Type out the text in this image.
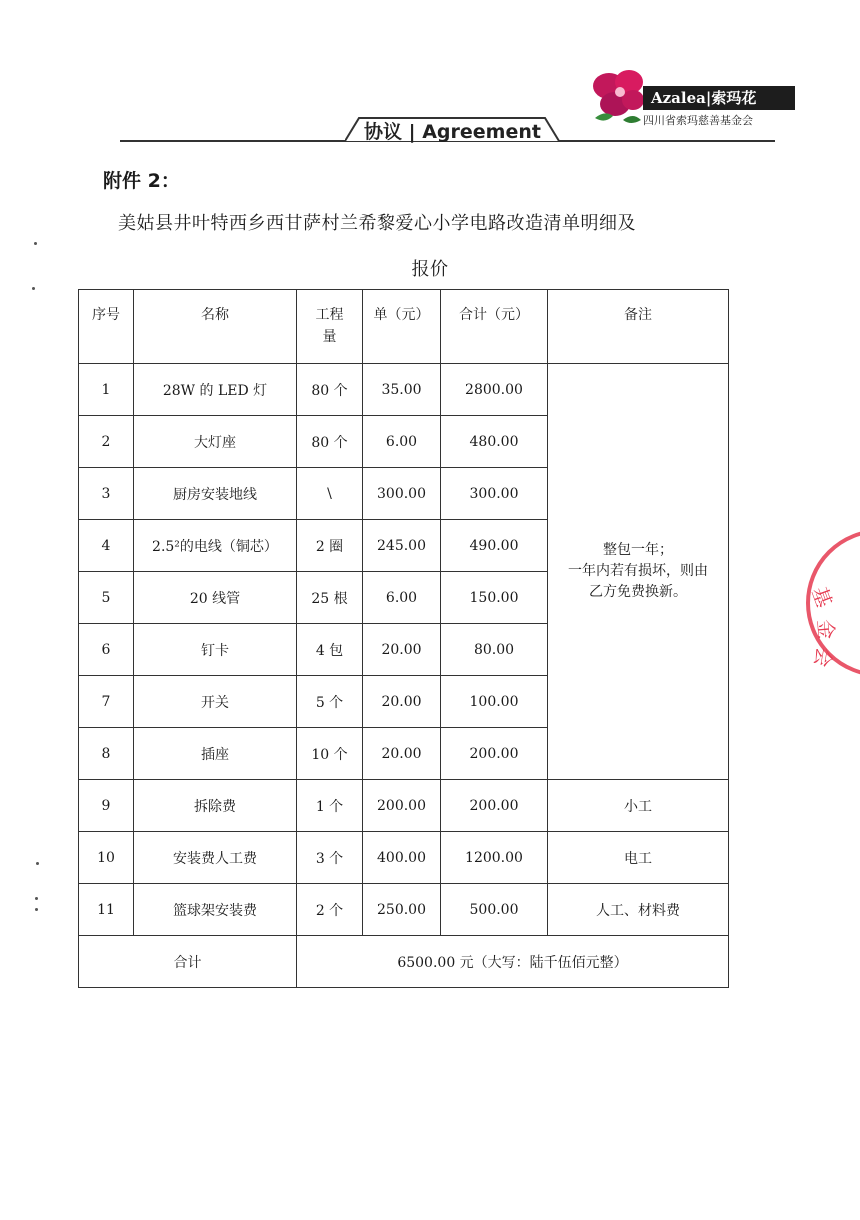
Azalea|索玛花
四川省索玛慈善基金会
协议 | Agreement
附件 2：
美姑县井叶特西乡西甘萨村兰希黎爱心小学电路改造清单明细及
报价
序号	名称	工程量	单（元）	合计（元）	备注
1	28W 的 LED 灯	80 个	35.00	2800.00	整包一年；
一年内若有损坏，则由
乙方免费换新。

2	大灯座	80 个	6.00	480.00	
3	厨房安装地线	\	300.00	300.00	
4	2.5²的电线（铜芯）	2 圈	245.00	490.00	
5	20 线管	25 根	6.00	150.00	
6	钉卡	4 包	20.00	80.00	
7	开关	5 个	20.00	100.00	
8	插座	10 个	20.00	200.00	
9	拆除费	1 个	200.00	200.00	小工
10	安装费人工费	3 个	400.00	1200.00	电工
11	篮球架安装费	2 个	250.00	500.00	人工、材料费
合计		6500.00 元（大写：陆千伍佰元整）			
基
金
会
